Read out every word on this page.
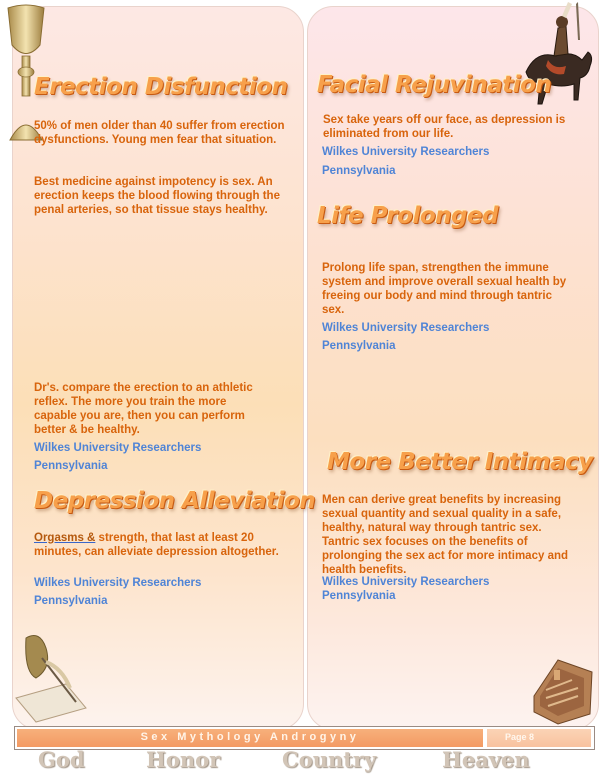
Erection Disfunction

50% of men older than 40 suffer from erection dysfunctions. Young men fear that situation.

Best medicine against impotency is sex. An erection keeps the blood flowing through the penal arteries, so that tissue stays healthy.

Dr's. compare the erection to an athletic reflex. The more you train the more capable you are, then you can perform better & be healthy.

Wilkes University Researchers

Pennsylvania

Depression Alleviation

Orgasms & strength, that last at least 20 minutes, can alleviate depression altogether.

Wilkes University Researchers

Pennsylvania

Facial Rejuvination

Sex take years off our face, as depression is eliminated from our life.

Wilkes University Researchers

Pennsylvania

Life Prolonged

Prolong life span, strengthen the immune system and improve overall sexual health by freeing our body and mind through tantric sex.

Wilkes University Researchers

Pennsylvania

More Better Intimacy

Men can derive great benefits by increasing sexual quantity and sexual quality in a safe, healthy, natural way through tantric sex. Tantric sex focuses on the benefits of prolonging the sex act for more intimacy and health benefits.

Wilkes University Researchers

Pennsylvania

Sex Mythology Androgyny	Page 8

God	Honor	Country	Heaven
